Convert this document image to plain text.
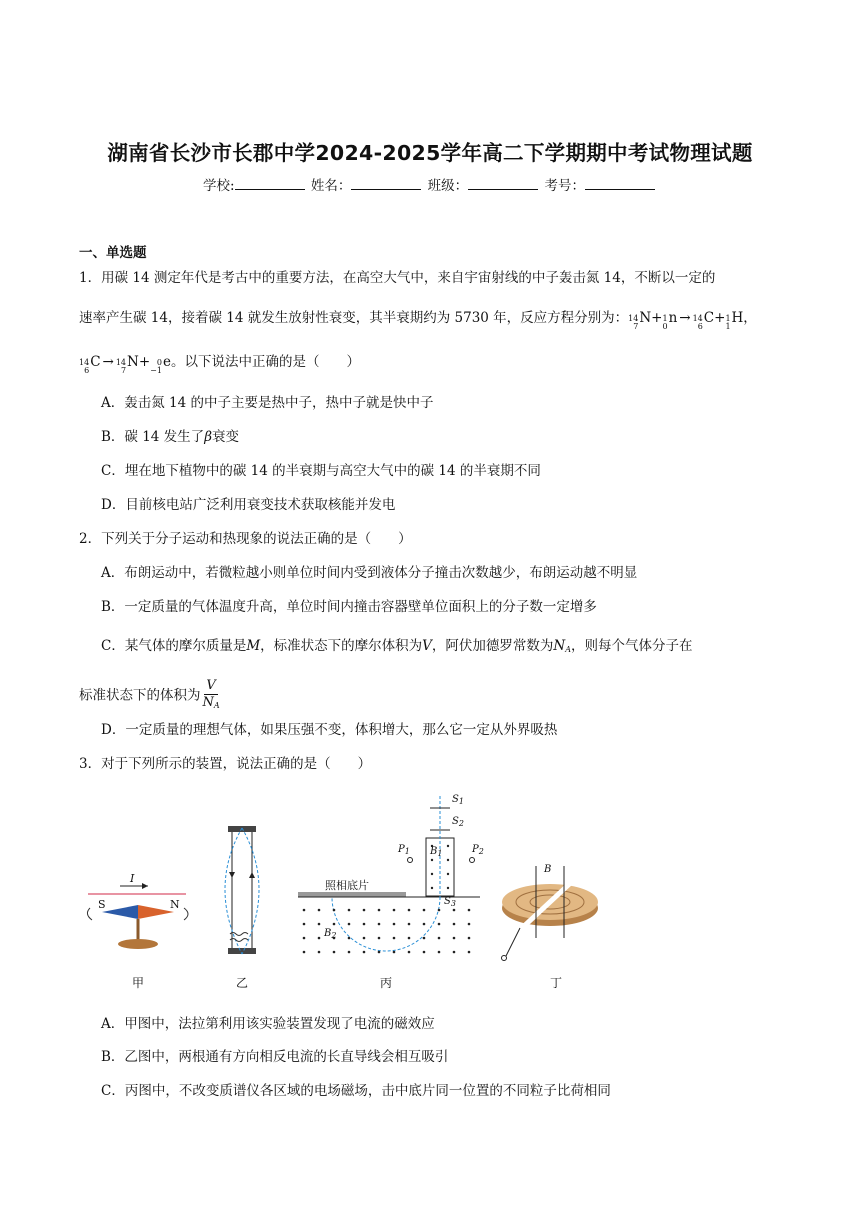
湖南省长沙市长郡中学2024-2025学年高二下学期期中考试物理试题
学校:	姓名：	班级：	考号：
一、单选题
1．用碳 14 测定年代是考古中的重要方法，在高空大气中，来自宇宙射线的中子轰击氮 14，不断以一定的
速率产生碳 14，接着碳 14 就发生放射性衰变，其半衰期约为 5730 年，反应方程分别为： 14
7
N+ 1
0
n → 14
6
C+ 1
1
H，
14
6
C → 14
7
N+ 0
−1
e。以下说法中正确的是（　　）
A．轰击氮 14 的中子主要是热中子，热中子就是快中子
B．碳 14 发生了β衰变
C．埋在地下植物中的碳 14 的半衰期与高空大气中的碳 14 的半衰期不同
D．目前核电站广泛利用衰变技术获取核能并发电
2．下列关于分子运动和热现象的说法正确的是（　　）
A．布朗运动中，若微粒越小则单位时间内受到液体分子撞击次数越少，布朗运动越不明显
B．一定质量的气体温度升高，单位时间内撞击容器壁单位面积上的分子数一定增多
C．某气体的摩尔质量是M，标准状态下的摩尔体积为V，阿伏加德罗常数为$N_A$，则每个气体分子在
标准状态下的体积为 $\frac{V}{N_A}$
D．一定质量的理想气体，如果压强不变，体积增大，那么它一定从外界吸热
3．对于下列所示的装置，说法正确的是（　　）
甲	乙	丙	丁
I
S	N
照相底片
$S_1$
$S_2$
$S_3$
$P_1$	$P_2$
$B_1$
$B_2$
B
A．甲图中，法拉第利用该实验装置发现了电流的磁效应
B．乙图中，两根通有方向相反电流的长直导线会相互吸引
C．丙图中，不改变质谱仪各区域的电场磁场，击中底片同一位置的不同粒子比荷相同
